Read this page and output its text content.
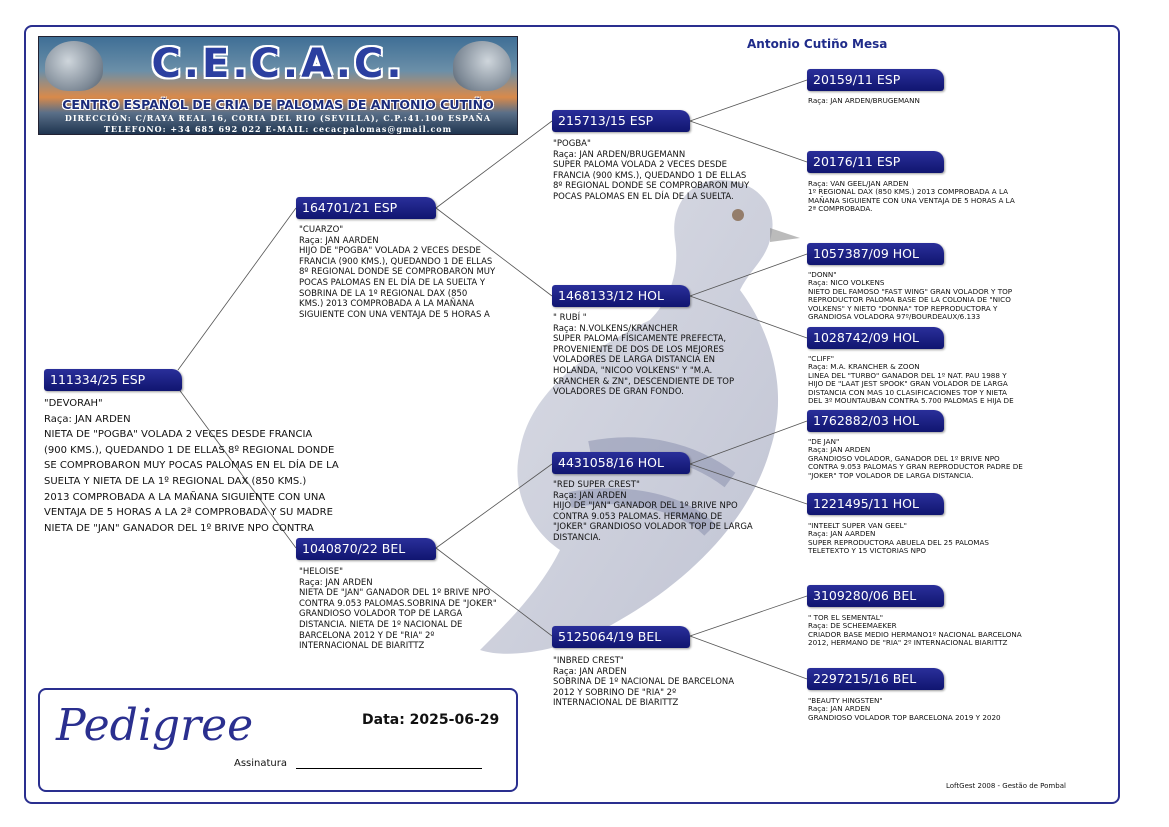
C.E.C.A.C.
CENTRO ESPAÑOL DE CRIA DE PALOMAS DE ANTONIO CUTIÑO
DIRECCIÓN: C/RAYA REAL 16, CORIA DEL RIO (SEVILLA), C.P.:41.100 ESPAÑA
TELEFONO: +34 685 692 022 E-MAIL: cecacpalomas@gmail.com
Antonio Cutiño Mesa
111334/25 ESP
"DEVORAH"
Raça: JAN ARDEN
NIETA DE "POGBA" VOLADA 2 VECES DESDE FRANCIA
(900 KMS.), QUEDANDO 1 DE ELLAS 8º REGIONAL DONDE
SE COMPROBARON MUY POCAS PALOMAS EN EL DÍA DE LA
SUELTA Y NIETA DE LA 1º REGIONAL DAX (850 KMS.)
2013 COMPROBADA A LA MAÑANA SIGUIENTE CON UNA
VENTAJA DE 5 HORAS A LA 2ª COMPROBADA Y SU MADRE
NIETA DE "JAN" GANADOR DEL 1º BRIVE NPO CONTRA
164701/21 ESP
"CUARZO"
Raça: JAN AARDEN
HIJO DE "POGBA" VOLADA 2 VECES DESDE
FRANCIA (900 KMS.), QUEDANDO 1 DE ELLAS
8º REGIONAL DONDE SE COMPROBARON MUY
POCAS PALOMAS EN EL DÍA DE LA SUELTA Y
SOBRINA DE LA 1º REGIONAL DAX (850
KMS.) 2013 COMPROBADA A LA MAÑANA
SIGUIENTE CON UNA VENTAJA DE 5 HORAS A
1040870/22 BEL
"HELOISE"
Raça: JAN ARDEN
NIETA DE "JAN" GANADOR DEL 1º BRIVE NPO
CONTRA 9.053 PALOMAS.SOBRINA DE "JOKER"
GRANDIOSO VOLADOR TOP DE LARGA
DISTANCIA. NIETA DE 1º NACIONAL DE
BARCELONA 2012 Y DE "RIA" 2º
INTERNACIONAL DE BIARITTZ
215713/15 ESP
"POGBA"
Raça: JAN ARDEN/BRUGEMANN
SUPER PALOMA VOLADA 2 VECES DESDE
FRANCIA (900 KMS.), QUEDANDO 1 DE ELLAS
8º REGIONAL DONDE SE COMPROBARON MUY
POCAS PALOMAS EN EL DÍA DE LA SUELTA.
1468133/12 HOL
" RUBÍ "
Raça: N.VOLKENS/KRANCHER
SUPER PALOMA FÍSICAMENTE PREFECTA,
PROVENIENTE DE DOS DE LOS MEJORES
VOLADORES DE LARGA DISTANCIA EN
HOLANDA, "NICOO VOLKENS" Y "M.A.
KRANCHER & ZN", DESCENDIENTE DE TOP
VOLADORES DE GRAN FONDO.
4431058/16 HOL
"RED SUPER CREST"
Raça: JAN ARDEN
HIJO DE "JAN" GANADOR DEL 1º BRIVE NPO
CONTRA 9.053 PALOMAS. HERMANO DE
"JOKER" GRANDIOSO VOLADOR TOP DE LARGA
DISTANCIA.
5125064/19 BEL
"INBRED CREST"
Raça: JAN ARDEN
SOBRINA DE 1º NACIONAL DE BARCELONA
2012 Y SOBRINO DE "RIA" 2º
INTERNACIONAL DE BIARITTZ
20159/11 ESP
Raça: JAN ARDEN/BRUGEMANN
20176/11 ESP
Raça: VAN GEEL/JAN ARDEN
1º REGIONAL DAX (850 KMS.) 2013 COMPROBADA A LA
MAÑANA SIGUIENTE CON UNA VENTAJA DE 5 HORAS A LA
2ª COMPROBADA.
1057387/09 HOL
"DONN"
Raça: NICO VOLKENS
NIETO DEL FAMOSO "FAST WING" GRAN VOLADOR Y TOP
REPRODUCTOR PALOMA BASE DE LA COLONIA DE "NICO
VOLKENS" Y NIETO "DONNA" TOP REPRODUCTORA Y
GRANDIOSA VOLADORA 97º/BOURDEAUX/6.133
1028742/09 HOL
"CLIFF"
Raça: M.A. KRANCHER & ZOON
LINEA DEL "TURBO" GANADOR DEL 1º NAT. PAU 1988 Y
HIJO DE "LAAT JEST SPOOK" GRAN VOLADOR DE LARGA
DISTANCIA CON MAS 10 CLASIFICACIONES TOP Y NIETA
DEL 3º MOUNTAUBAN CONTRA 5.700 PALOMAS E HIJA DE
1762882/03 HOL
"DE JAN"
Raça: JAN ARDEN
GRANDIOSO VOLADOR, GANADOR DEL 1º BRIVE NPO
CONTRA 9.053 PALOMAS Y GRAN REPRODUCTOR PADRE DE
"JOKER" TOP VOLADOR DE LARGA DISTANCIA.
1221495/11 HOL
"INTEELT SUPER VAN GEEL"
Raça: JAN AARDEN
SUPER REPRODUCTORA ABUELA DEL 25 PALOMAS
TELETEXTO Y 15 VICTORIAS NPO
3109280/06 BEL
" TOR EL SEMENTAL"
Raça: DE SCHEEMAEKER
CRIADOR BASE MEDIO HERMANO1º NACIONAL BARCELONA
2012, HERMANO DE "RIA" 2º INTERNACIONAL BIARITTZ
2297215/16 BEL
"BEAUTY HINGSTEN"
Raça: JAN ARDEN
GRANDIOSO VOLADOR TOP BARCELONA 2019 Y 2020
Pedigree	Data: 2025-06-29
Assinatura
LoftGest 2008 - Gestão de Pombal
